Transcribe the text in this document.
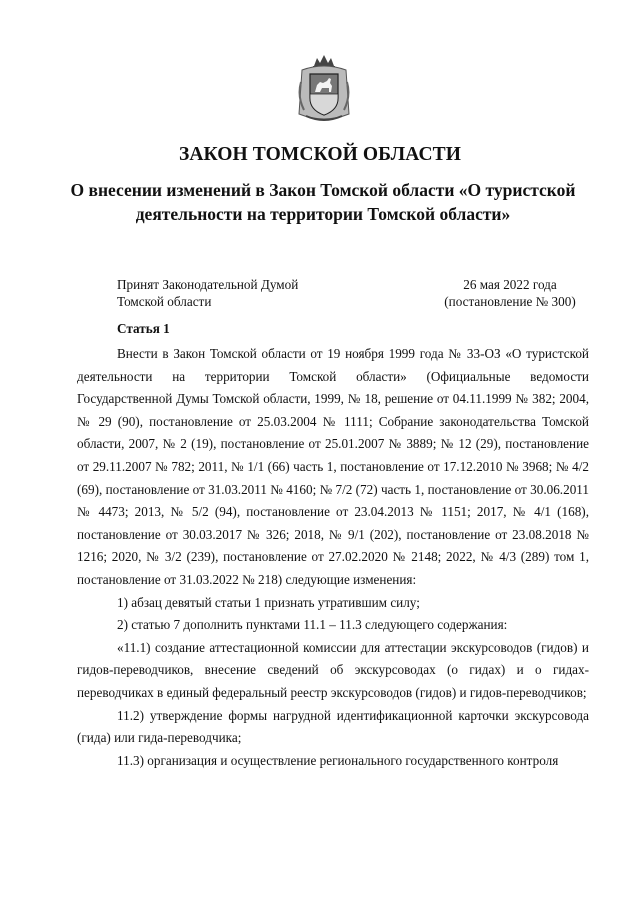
ЗАКОН ТОМСКОЙ ОБЛАСТИ
О внесении изменений в Закон Томской области «О туристской деятельности на территории Томской области»
Принят Законодательной Думой
Томской области
26 мая 2022 года
(постановление № 300)
Статья 1

Внести в Закон Томской области от 19 ноября 1999 года № 33-ОЗ «О туристской деятельности на территории Томской области» (Официальные ведомости Государственной Думы Томской области, 1999, № 18, решение от 04.11.1999 № 382; 2004, № 29 (90), постановление от 25.03.2004 № 1111; Собрание законодательства Томской области, 2007, № 2 (19), постановление от 25.01.2007 № 3889; № 12 (29), постановление от 29.11.2007 № 782; 2011, № 1/1 (66) часть 1, постановление от 17.12.2010 № 3968; № 4/2 (69), постановление от 31.03.2011 № 4160; № 7/2 (72) часть 1, постановление от 30.06.2011 № 4473; 2013, № 5/2 (94), постановление от 23.04.2013 № 1151; 2017, № 4/1 (168), постановление от 30.03.2017 № 326; 2018, № 9/1 (202), постановление от 23.08.2018 № 1216; 2020, № 3/2 (239), постановление от 27.02.2020 № 2148; 2022, № 4/3 (289) том 1, постановление от 31.03.2022 № 218) следующие изменения:

1) абзац девятый статьи 1 признать утратившим силу;

2) статью 7 дополнить пунктами 11.1 – 11.3 следующего содержания:

«11.1) создание аттестационной комиссии для аттестации экскурсоводов (гидов) и гидов-переводчиков, внесение сведений об экскурсоводах (о гидах) и о гидах-переводчиках в единый федеральный реестр экскурсоводов (гидов) и гидов-переводчиков;

11.2) утверждение формы нагрудной идентификационной карточки экскурсовода (гида) или гида-переводчика;

11.3) организация и осуществление регионального государственного контроля
